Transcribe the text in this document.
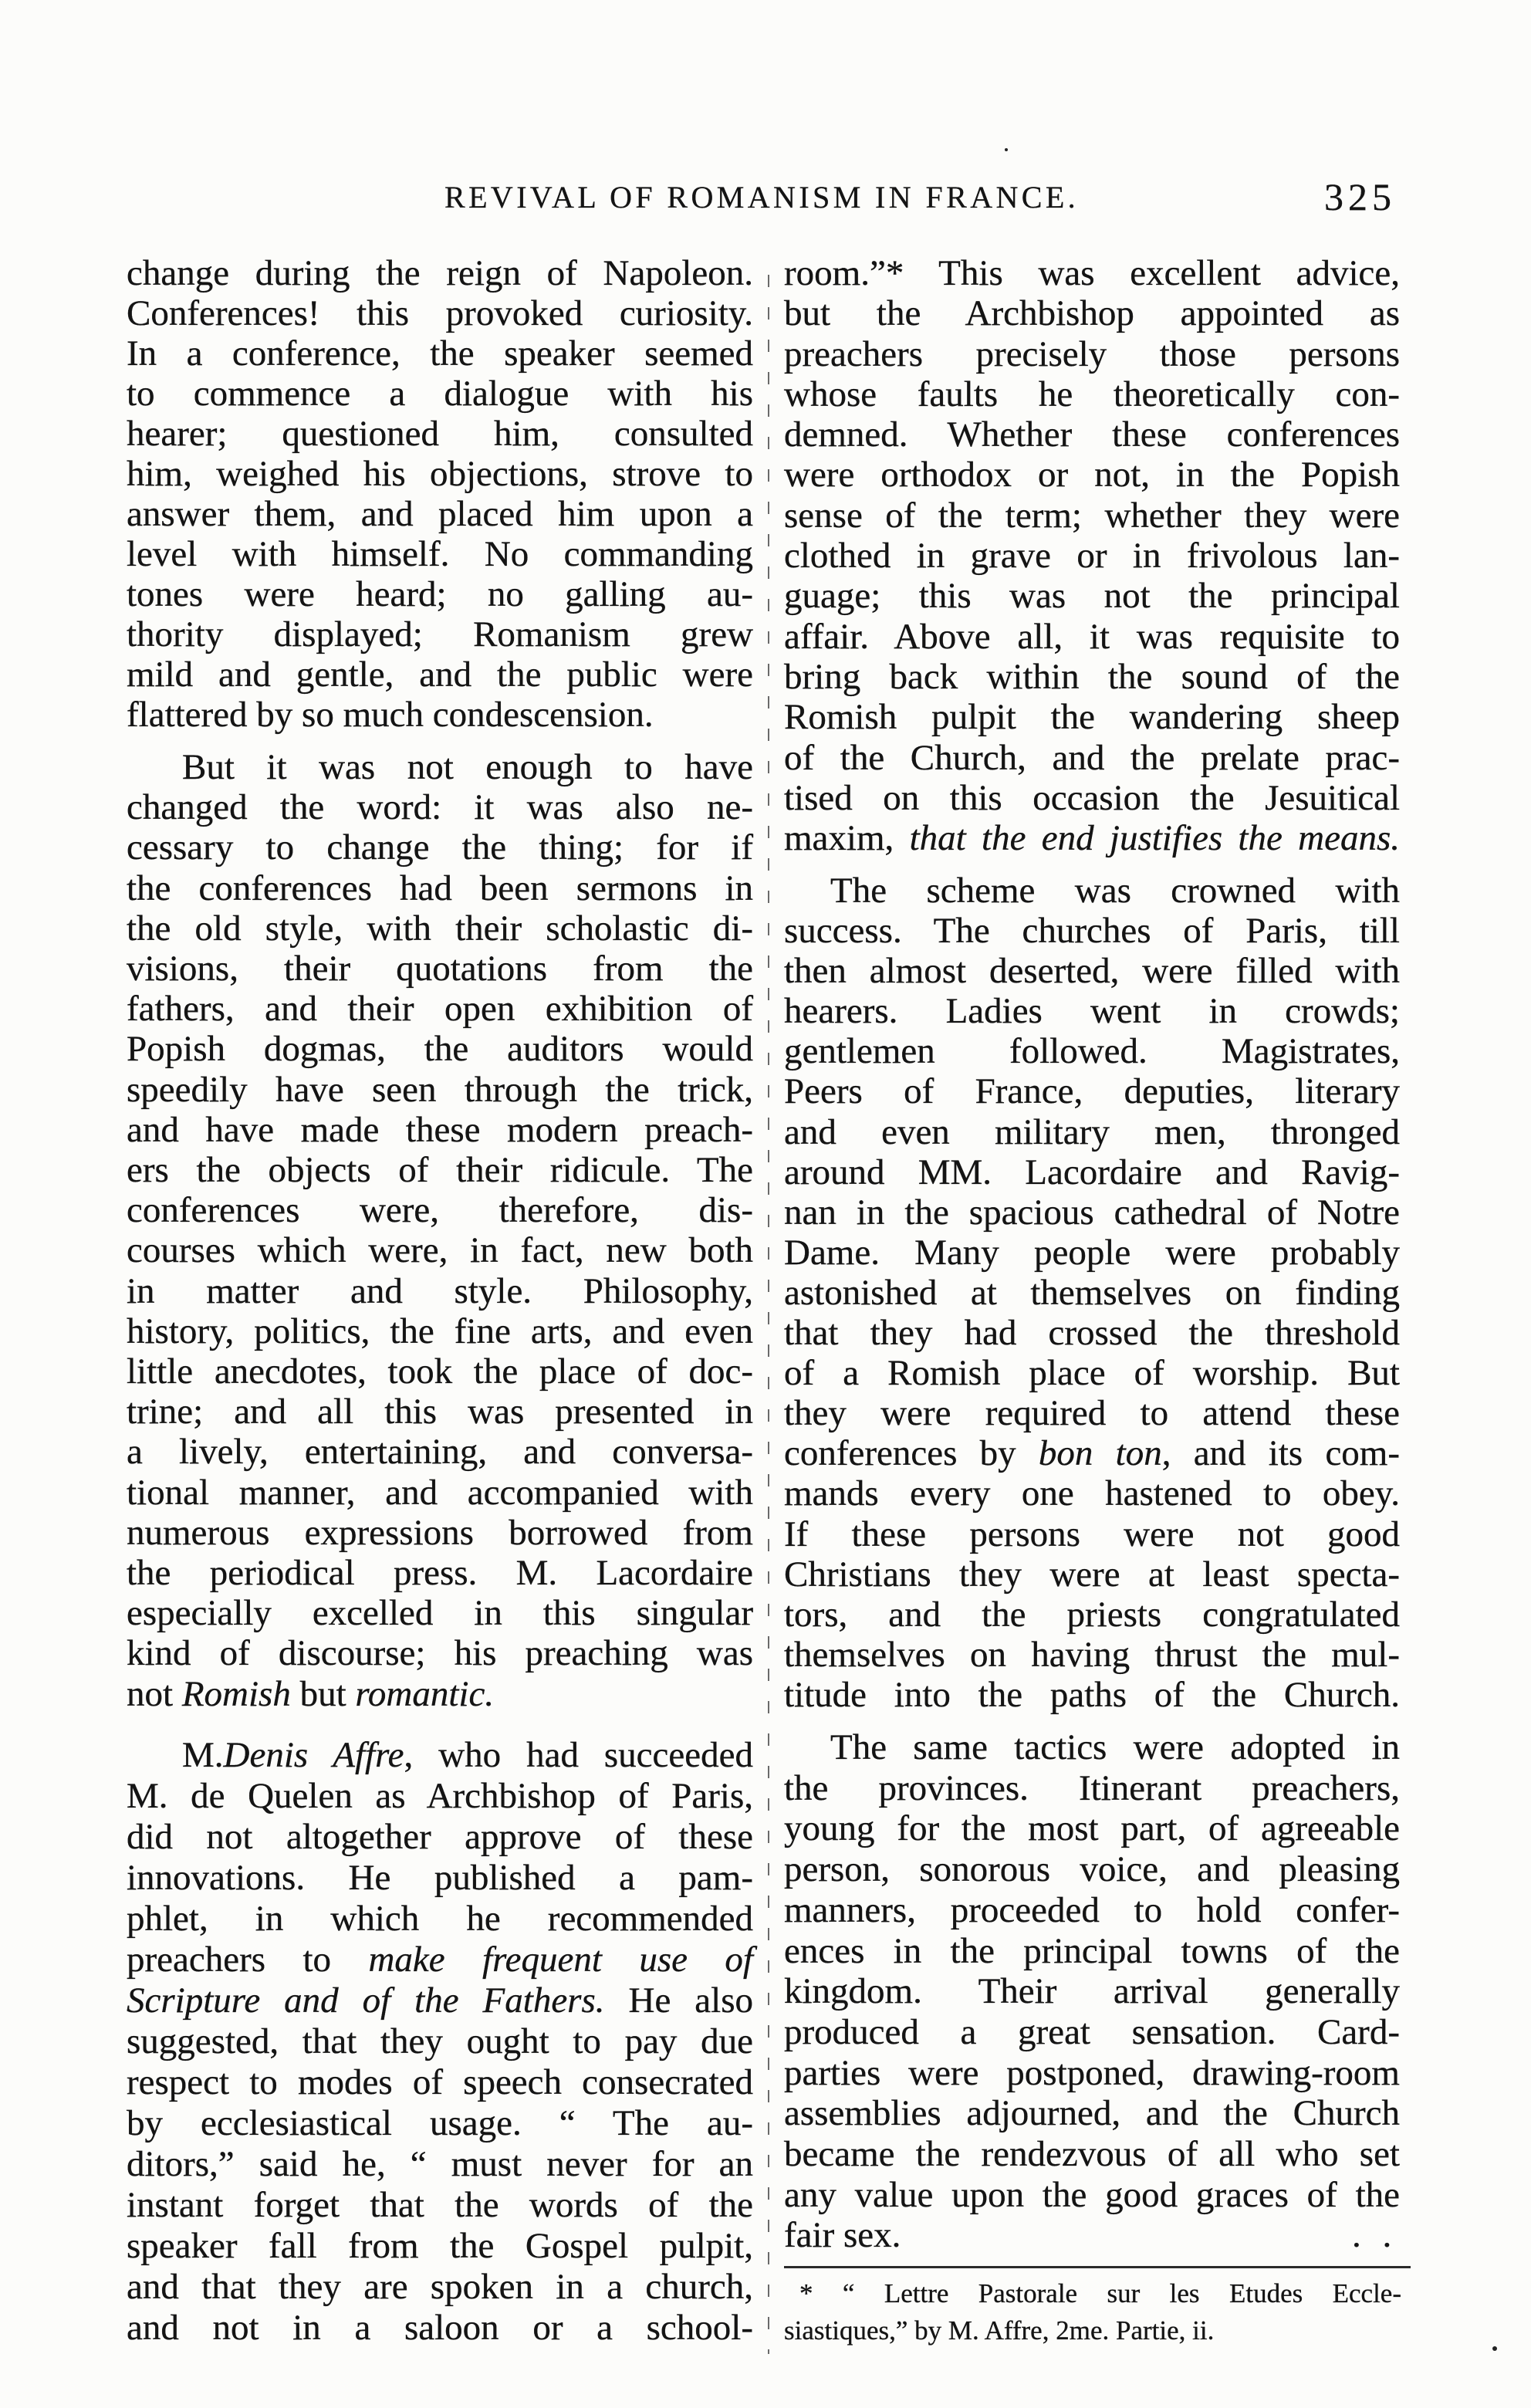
REVIVAL OF ROMANISM IN FRANCE.	325
change during the reign of Napoleon.
Conferences! this provoked curiosity.
In a conference, the speaker seemed
to commence a dialogue with his
hearer; questioned him, consulted
him, weighed his objections, strove to
answer them, and placed him upon a
level with himself. No commanding
tones were heard; no galling au-
thority displayed; Romanism grew
mild and gentle, and the public were
flattered by so much condescension.
But it was not enough to have
changed the word: it was also ne-
cessary to change the thing; for if
the conferences had been sermons in
the old style, with their scholastic di-
visions, their quotations from the
fathers, and their open exhibition of
Popish dogmas, the auditors would
speedily have seen through the trick,
and have made these modern preach-
ers the objects of their ridicule. The
conferences were, therefore, dis-
courses which were, in fact, new both
in matter and style. Philosophy,
history, politics, the fine arts, and even
little anecdotes, took the place of doc-
trine; and all this was presented in
a lively, entertaining, and conversa-
tional manner, and accompanied with
numerous expressions borrowed from
the periodical press. M. Lacordaire
especially excelled in this singular
kind of discourse; his preaching was
not Romish but romantic.
M.Denis Affre, who had succeeded
M. de Quelen as Archbishop of Paris,
did not altogether approve of these
innovations. He published a pam-
phlet, in which he recommended
preachers to make frequent use of
Scripture and of the Fathers. He also
suggested, that they ought to pay due
respect to modes of speech consecrated
by ecclesiastical usage. “ The au-
ditors,” said he, “ must never for an
instant forget that the words of the
speaker fall from the Gospel pulpit,
and that they are spoken in a church,
and not in a saloon or a school-
room.”* This was excellent advice,
but the Archbishop appointed as
preachers precisely those persons
whose faults he theoretically con-
demned. Whether these conferences
were orthodox or not, in the Popish
sense of the term; whether they were
clothed in grave or in frivolous lan-
guage; this was not the principal
affair. Above all, it was requisite to
bring back within the sound of the
Romish pulpit the wandering sheep
of the Church, and the prelate prac-
tised on this occasion the Jesuitical
maxim, that the end justifies the means.
The scheme was crowned with
success. The churches of Paris, till
then almost deserted, were filled with
hearers. Ladies went in crowds;
gentlemen followed. Magistrates,
Peers of France, deputies, literary
and even military men, thronged
around MM. Lacordaire and Ravig-
nan in the spacious cathedral of Notre
Dame. Many people were probably
astonished at themselves on finding
that they had crossed the threshold
of a Romish place of worship. But
they were required to attend these
conferences by bon ton, and its com-
mands every one hastened to obey.
If these persons were not good
Christians they were at least specta-
tors, and the priests congratulated
themselves on having thrust the mul-
titude into the paths of the Church.
The same tactics were adopted in
the provinces. Itinerant preachers,
young for the most part, of agreeable
person, sonorous voice, and pleasing
manners, proceeded to hold confer-
ences in the principal towns of the
kingdom. Their arrival generally
produced a great sensation. Card-
parties were postponed, drawing-room
assemblies adjourned, and the Church
became the rendezvous of all who set
any value upon the good graces of the
fair sex.	. .
* “ Lettre Pastorale sur les Etudes Eccle-
siastiques,” by M. Affre, 2me. Partie, ii.
